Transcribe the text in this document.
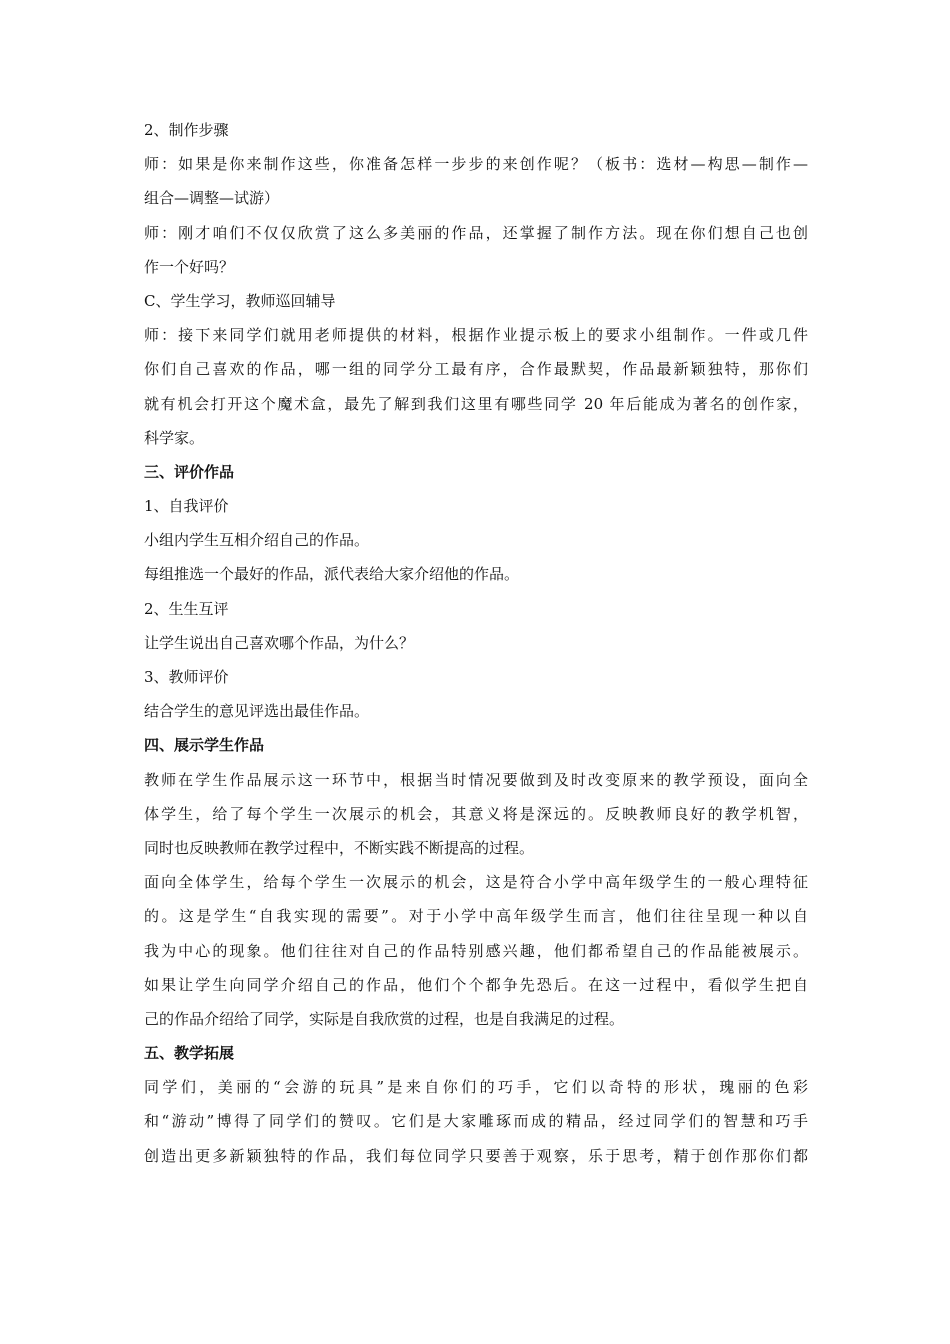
2、制作步骤
师：如果是你来制作这些，你准备怎样一步步的来创作呢？（板书：选材—构思—制作—
组合—调整—试游）
师：刚才咱们不仅仅欣赏了这么多美丽的作品，还掌握了制作方法。现在你们想自己也创
作一个好吗？
C、学生学习，教师巡回辅导
师：接下来同学们就用老师提供的材料，根据作业提示板上的要求小组制作。一件或几件
你们自己喜欢的作品，哪一组的同学分工最有序，合作最默契，作品最新颖独特，那你们
就有机会打开这个魔术盒，最先了解到我们这里有哪些同学 20 年后能成为著名的创作家，
科学家。
三、评价作品
1、自我评价
小组内学生互相介绍自己的作品。
每组推选一个最好的作品，派代表给大家介绍他的作品。
2、生生互评
让学生说出自己喜欢哪个作品，为什么？
3、教师评价
结合学生的意见评选出最佳作品。
四、展示学生作品
教师在学生作品展示这一环节中，根据当时情况要做到及时改变原来的教学预设，面向全
体学生，给了每个学生一次展示的机会，其意义将是深远的。反映教师良好的教学机智，
同时也反映教师在教学过程中，不断实践不断提高的过程。
面向全体学生，给每个学生一次展示的机会，这是符合小学中高年级学生的一般心理特征
的。这是学生“自我实现的需要”。对于小学中高年级学生而言，他们往往呈现一种以自
我为中心的现象。他们往往对自己的作品特别感兴趣，他们都希望自己的作品能被展示。
如果让学生向同学介绍自己的作品，他们个个都争先恐后。在这一过程中，看似学生把自
己的作品介绍给了同学，实际是自我欣赏的过程，也是自我满足的过程。
五、教学拓展
同学们，美丽的“会游的玩具”是来自你们的巧手，它们以奇特的形状，瑰丽的色彩
和“游动”博得了同学们的赞叹。它们是大家雕琢而成的精品，经过同学们的智慧和巧手
创造出更多新颖独特的作品，我们每位同学只要善于观察，乐于思考，精于创作那你们都
